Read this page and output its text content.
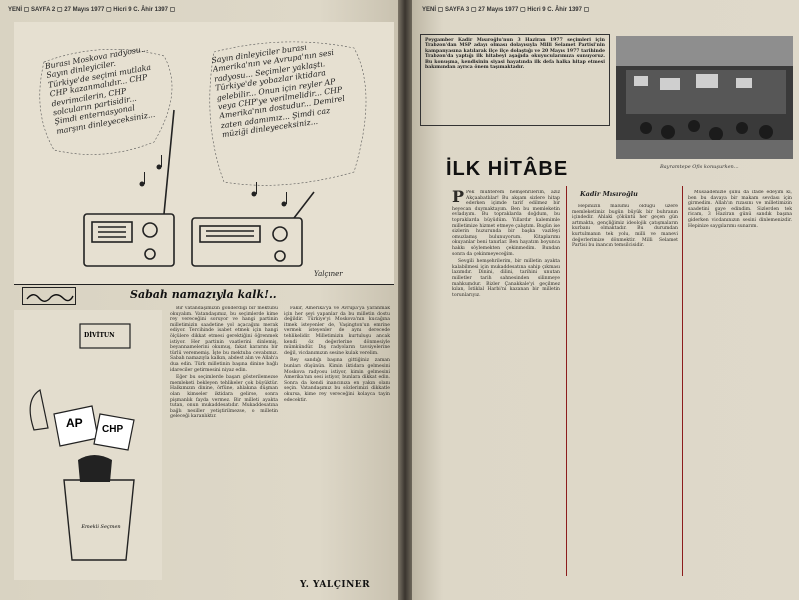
YENİ ▢ SAYFA 2 ▢ 27 Mayıs 1977 ▢ Hicri 9 C. Âhir 1397 ▢
Yalçıner
Burası Moskova radyosu... Sayın dinleyiciler. Türkiye'de seçimi mutlaka CHP kazanmalıdır... CHP devrimcilerin, CHP solcuların partisidir... Şimdi enternasyonal marşını dinleyeceksiniz...
Sayın dinleyiciler burası Amerika'nın ve Avrupa'nın sesi radyosu... Seçimler yaklaştı. Türkiye'de yobazlar iktidara gelebilir... Onun için reyler AP veya CHP'ye verilmelidir... CHP Amerika'nın dostudur... Demirel zaten adamımız... Şimdi caz müziği dinleyeceksiniz...
Sabah namazıyla kalk!..
DİVİTUN
AP CHP
Emekli Seçmen

Bir vatandaşımızın gönderdiği bir mektubu okuyalım. Vatandaşımız, bu seçimlerde kime rey vereceğini soruyor ve hangi partinin milletimizin saadetine yol açacağını merak ediyor. Tercihinde isabet etmek için hangi ölçülere dikkat etmesi gerektiğini öğrenmek istiyor. Her partinin vaatlerini dinlemiş, beyannamelerini okumuş, fakat kararını bir türlü verememiş. İşte bu mektuba cevabımız. Sabah namazıyla kalkın, abdest alın ve Allah'a dua edin. Türk milletinin başına dinine bağlı idareciler getirmesini niyaz edin.

Eğer bu seçimlerde başarı gösterilemezse memleketi bekleyen tehlikeler çok büyüktür. Halkımızın dinine, örfüne, ahlakına düşman olan kimseler iktidara gelirse, sonra pişmanlık fayda vermez. Bir milleti ayakta tutan, onun mukaddesatıdır. Mukaddesatına bağlı nesiller yetiştirilmezse, o milletin geleceği karanlıktır.

Fakir, Amerika'ya ve Avrupa'ya yaranmak için her şeyi yapanlar da bu milletin dostu değildir. Türkiye'yi Moskova'nın kucağına itmek isteyenler de, Vaşington'un emrine vermek isteyenler de aynı derecede tehlikelidir. Milletimizin kurtuluşu ancak kendi öz değerlerine dönmesiyle mümkündür. Dış radyoların tavsiyelerine değil, vicdanımızın sesine kulak verelim.

Rey sandığı başına gittiğiniz zaman bunları düşünün. Kimin iktidara gelmesini Moskova radyosu istiyor, kimin gelmesini Amerika'nın sesi istiyor, bunlara dikkat edin. Sonra da kendi inancınıza en yakın olanı seçin. Vatandaşımız bu sözlerimizi dikkatle okursa, kime rey vereceğini kolayca tayin edecektir.

Y. YALÇINER
YENİ ▢ SAYFA 3 ▢ 27 Mayıs 1977 ▢ Hicri 9 C. Âhir 1397 ▢
Peygamber Kadir Mısıroğlu'nun 3 Haziran 1977 seçimleri için Trabzon'dan MSP adayı olması dolayısıyla Milli Selamet Partisi'nin kampanyasına katılarak ilçe ilçe dolaştığı ve 20 Mayıs 1977 tarihinde Trabzon'da yaptığı ilk hitabeyi aşağıda okuyucularımıza sunuyoruz. Bu konuşma, kendisinin siyasi hayatında ilk defa halka hitap etmesi bakımından ayrıca önem taşımaktadır.
Bayramtepe Ofis konuşurken...
İLK HİTÂBE
Kadir Mısıroğlu

P Pek muhterem hemşehrilerim, aziz Akçaabatlılar! Bu akşam sizlere hitap ederken içimde tarif edilmez bir heyecan duymaktayım. Ben bu memleketin evladıyım. Bu topraklarda doğdum, bu topraklarda büyüdüm. Yıllardır kalemimle milletimize hizmet etmeye çalıştım. Bugün ise sizlerin huzurunda bir başka vazifeyi omuzlamış bulunuyorum. Kitaplarımı okuyanlar beni tanırlar. Ben hayatım boyunca hakkı söylemekten çekinmedim. Bundan sonra da çekinmeyeceğim.

Sevgili hemşehrilerim, bir milletin ayakta kalabilmesi için mukaddesatına sahip çıkması lazımdır. Dinini, dilini, tarihini unutan milletler tarih sahnesinden silinmeye mahkumdur. Bizler Çanakkale'yi geçilmez kılan, İstiklal Harbi'ni kazanan bir milletin torunlarıyız.

Hepinizin malumu olduğu üzere memleketimiz bugün büyük bir buhranın içindedir. Ahlaki çöküntü her geçen gün artmakta, gençliğimiz ideolojik çatışmaların kurbanı olmaktadır. Bu durumdan kurtulmanın tek yolu, milli ve manevi değerlerimize dönmektir. Milli Selamet Partisi bu inancın temsilcisidir.

Müsaadenizle şunu da ifade edeyim ki, ben bu davaya bir makam sevdası için girmedim. Allah'ın rızasını ve milletimizin saadetini gaye edindim. Sizlerden tek ricam, 3 Haziran günü sandık başına giderken vicdanınızın sesini dinlemenizdir. Hepinize saygılarımı sunarım.
